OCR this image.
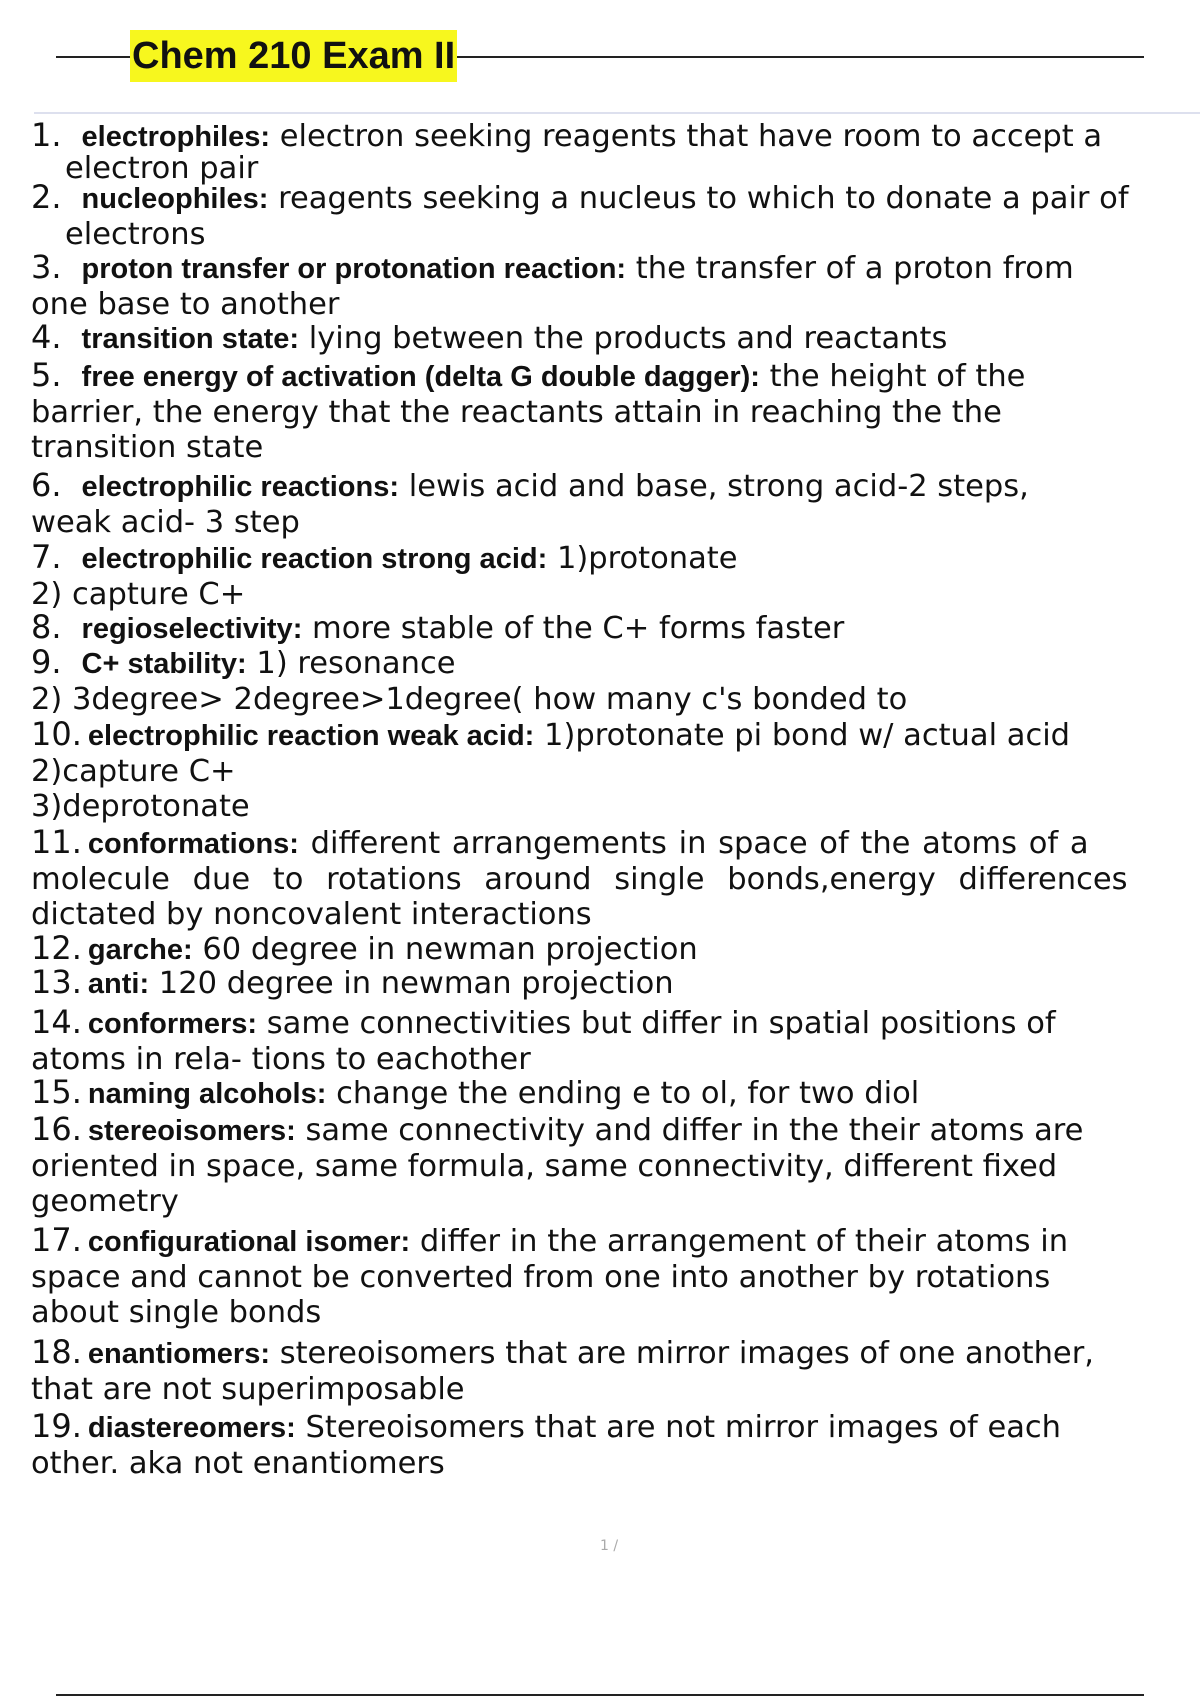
Chem 210 Exam II
1. electrophiles: electron seeking reagents that have room to accept a
electron pair
2. nucleophiles: reagents seeking a nucleus to which to donate a pair of
electrons
3. proton transfer or protonation reaction: the transfer of a proton from
one base to another
4. transition state: lying between the products and reactants
5. free energy of activation (delta G double dagger): the height of the
barrier, the energy that the reactants attain in reaching the the
transition state
6. electrophilic reactions: lewis acid and base, strong acid-2 steps,
weak acid- 3 step
7. electrophilic reaction strong acid: 1)protonate
2) capture C+
8. regioselectivity: more stable of the C+ forms faster
9. C+ stability: 1) resonance
2) 3degree> 2degree>1degree( how many c's bonded to
10. electrophilic reaction weak acid: 1)protonate pi bond w/ actual acid
2)capture C+
3)deprotonate
11. conformations: different arrangements in space of the atoms of a
molecule due to rotations around single bonds,energy differences
dictated by noncovalent interactions
12. garche: 60 degree in newman projection
13. anti: 120 degree in newman projection
14. conformers: same connectivities but differ in spatial positions of
atoms in rela- tions to eachother
15. naming alcohols: change the ending e to ol, for two diol
16. stereoisomers: same connectivity and differ in the their atoms are
oriented in space, same formula, same connectivity, different fixed
geometry
17. configurational isomer: differ in the arrangement of their atoms in
space and cannot be converted from one into another by rotations
about single bonds
18. enantiomers: stereoisomers that are mirror images of one another,
that are not superimposable
19. diastereomers: Stereoisomers that are not mirror images of each
other. aka not enantiomers
1 /
